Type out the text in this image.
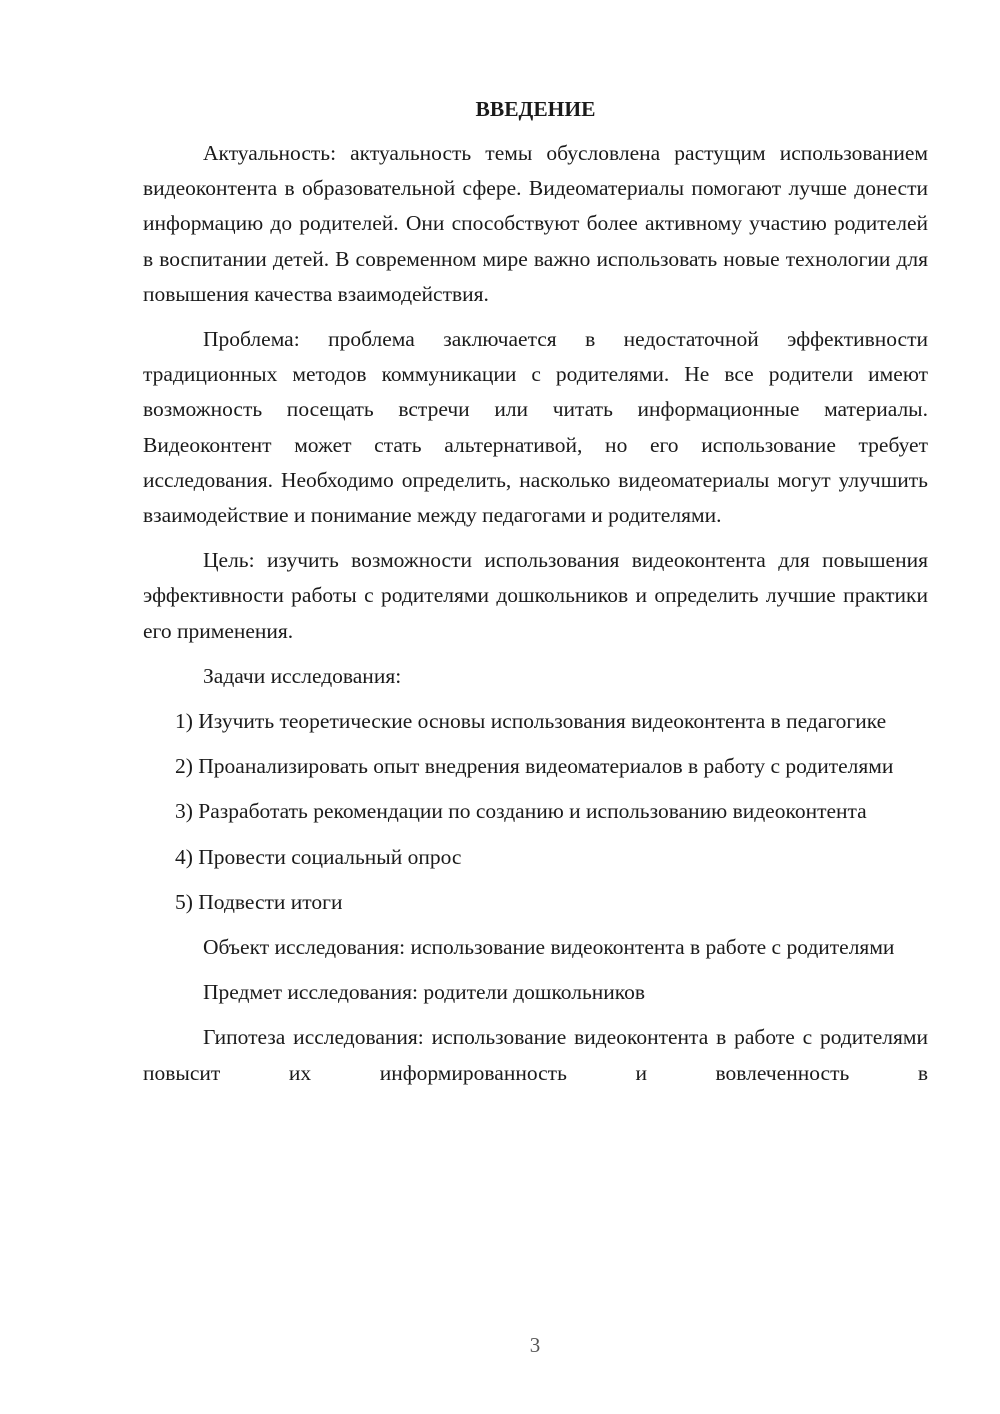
ВВЕДЕНИЕ

Актуальность: актуальность темы обусловлена растущим использованием видеоконтента в образовательной сфере. Видеоматериалы помогают лучше донести информацию до родителей. Они способствуют более активному участию родителей в воспитании детей. В современном мире важно использовать новые технологии для повышения качества взаимодействия.

Проблема: проблема заключается в недостаточной эффективности традиционных методов коммуникации с родителями. Не все родители имеют возможность посещать встречи или читать информационные материалы. Видеоконтент может стать альтернативой, но его использование требует исследования. Необходимо определить, насколько видеоматериалы могут улучшить взаимодействие и понимание между педагогами и родителями.

Цель: изучить возможности использования видеоконтента для повышения эффективности работы с родителями дошкольников и определить лучшие практики его применения.

Задачи исследования:

1) Изучить теоретические основы использования видеоконтента в педагогике

2) Проанализировать опыт внедрения видеоматериалов в работу с родителями

3) Разработать рекомендации по созданию и использованию видеоконтента

4) Провести социальный опрос

5) Подвести итоги

Объект исследования: использование видеоконтента в работе с родителями

Предмет исследования: родители дошкольников

Гипотеза исследования: использование видеоконтента в работе с родителями повысит их информированность и вовлеченность в

3
